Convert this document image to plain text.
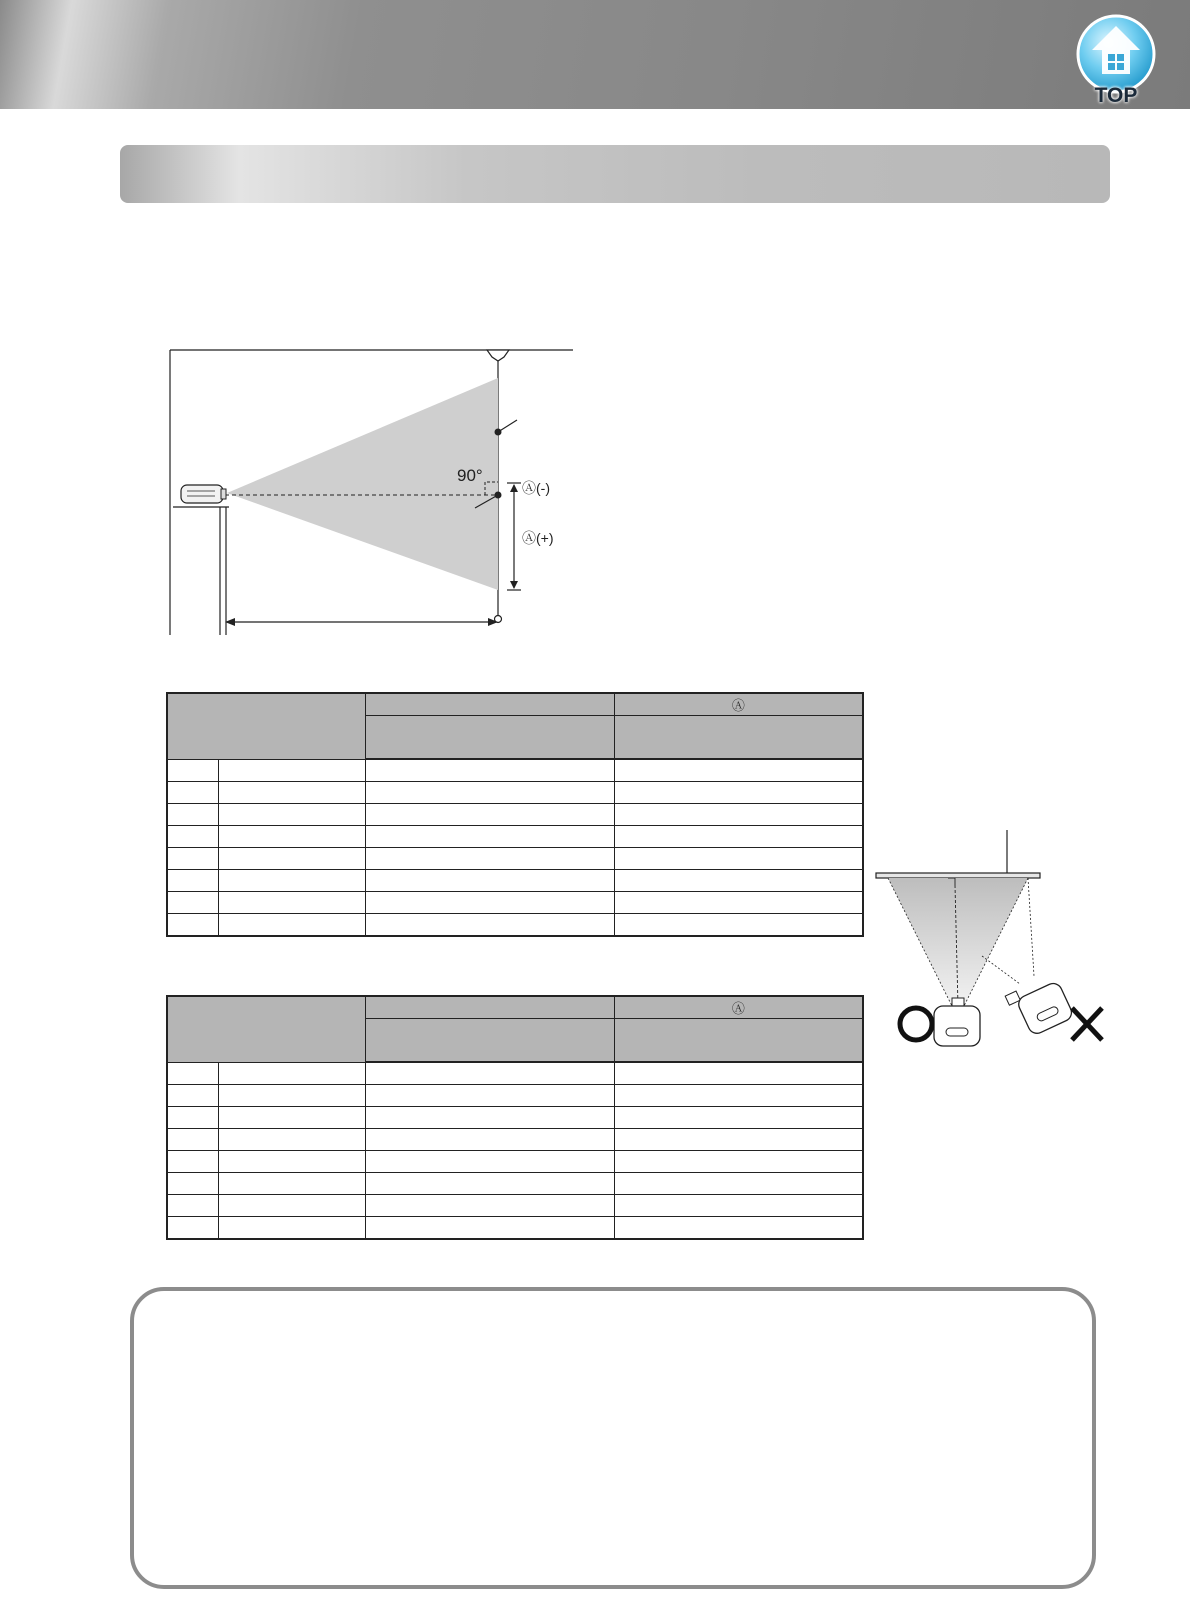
TOP
90°
Ⓐ(-)
Ⓐ(+)
			Ⓐ

			Ⓐ
